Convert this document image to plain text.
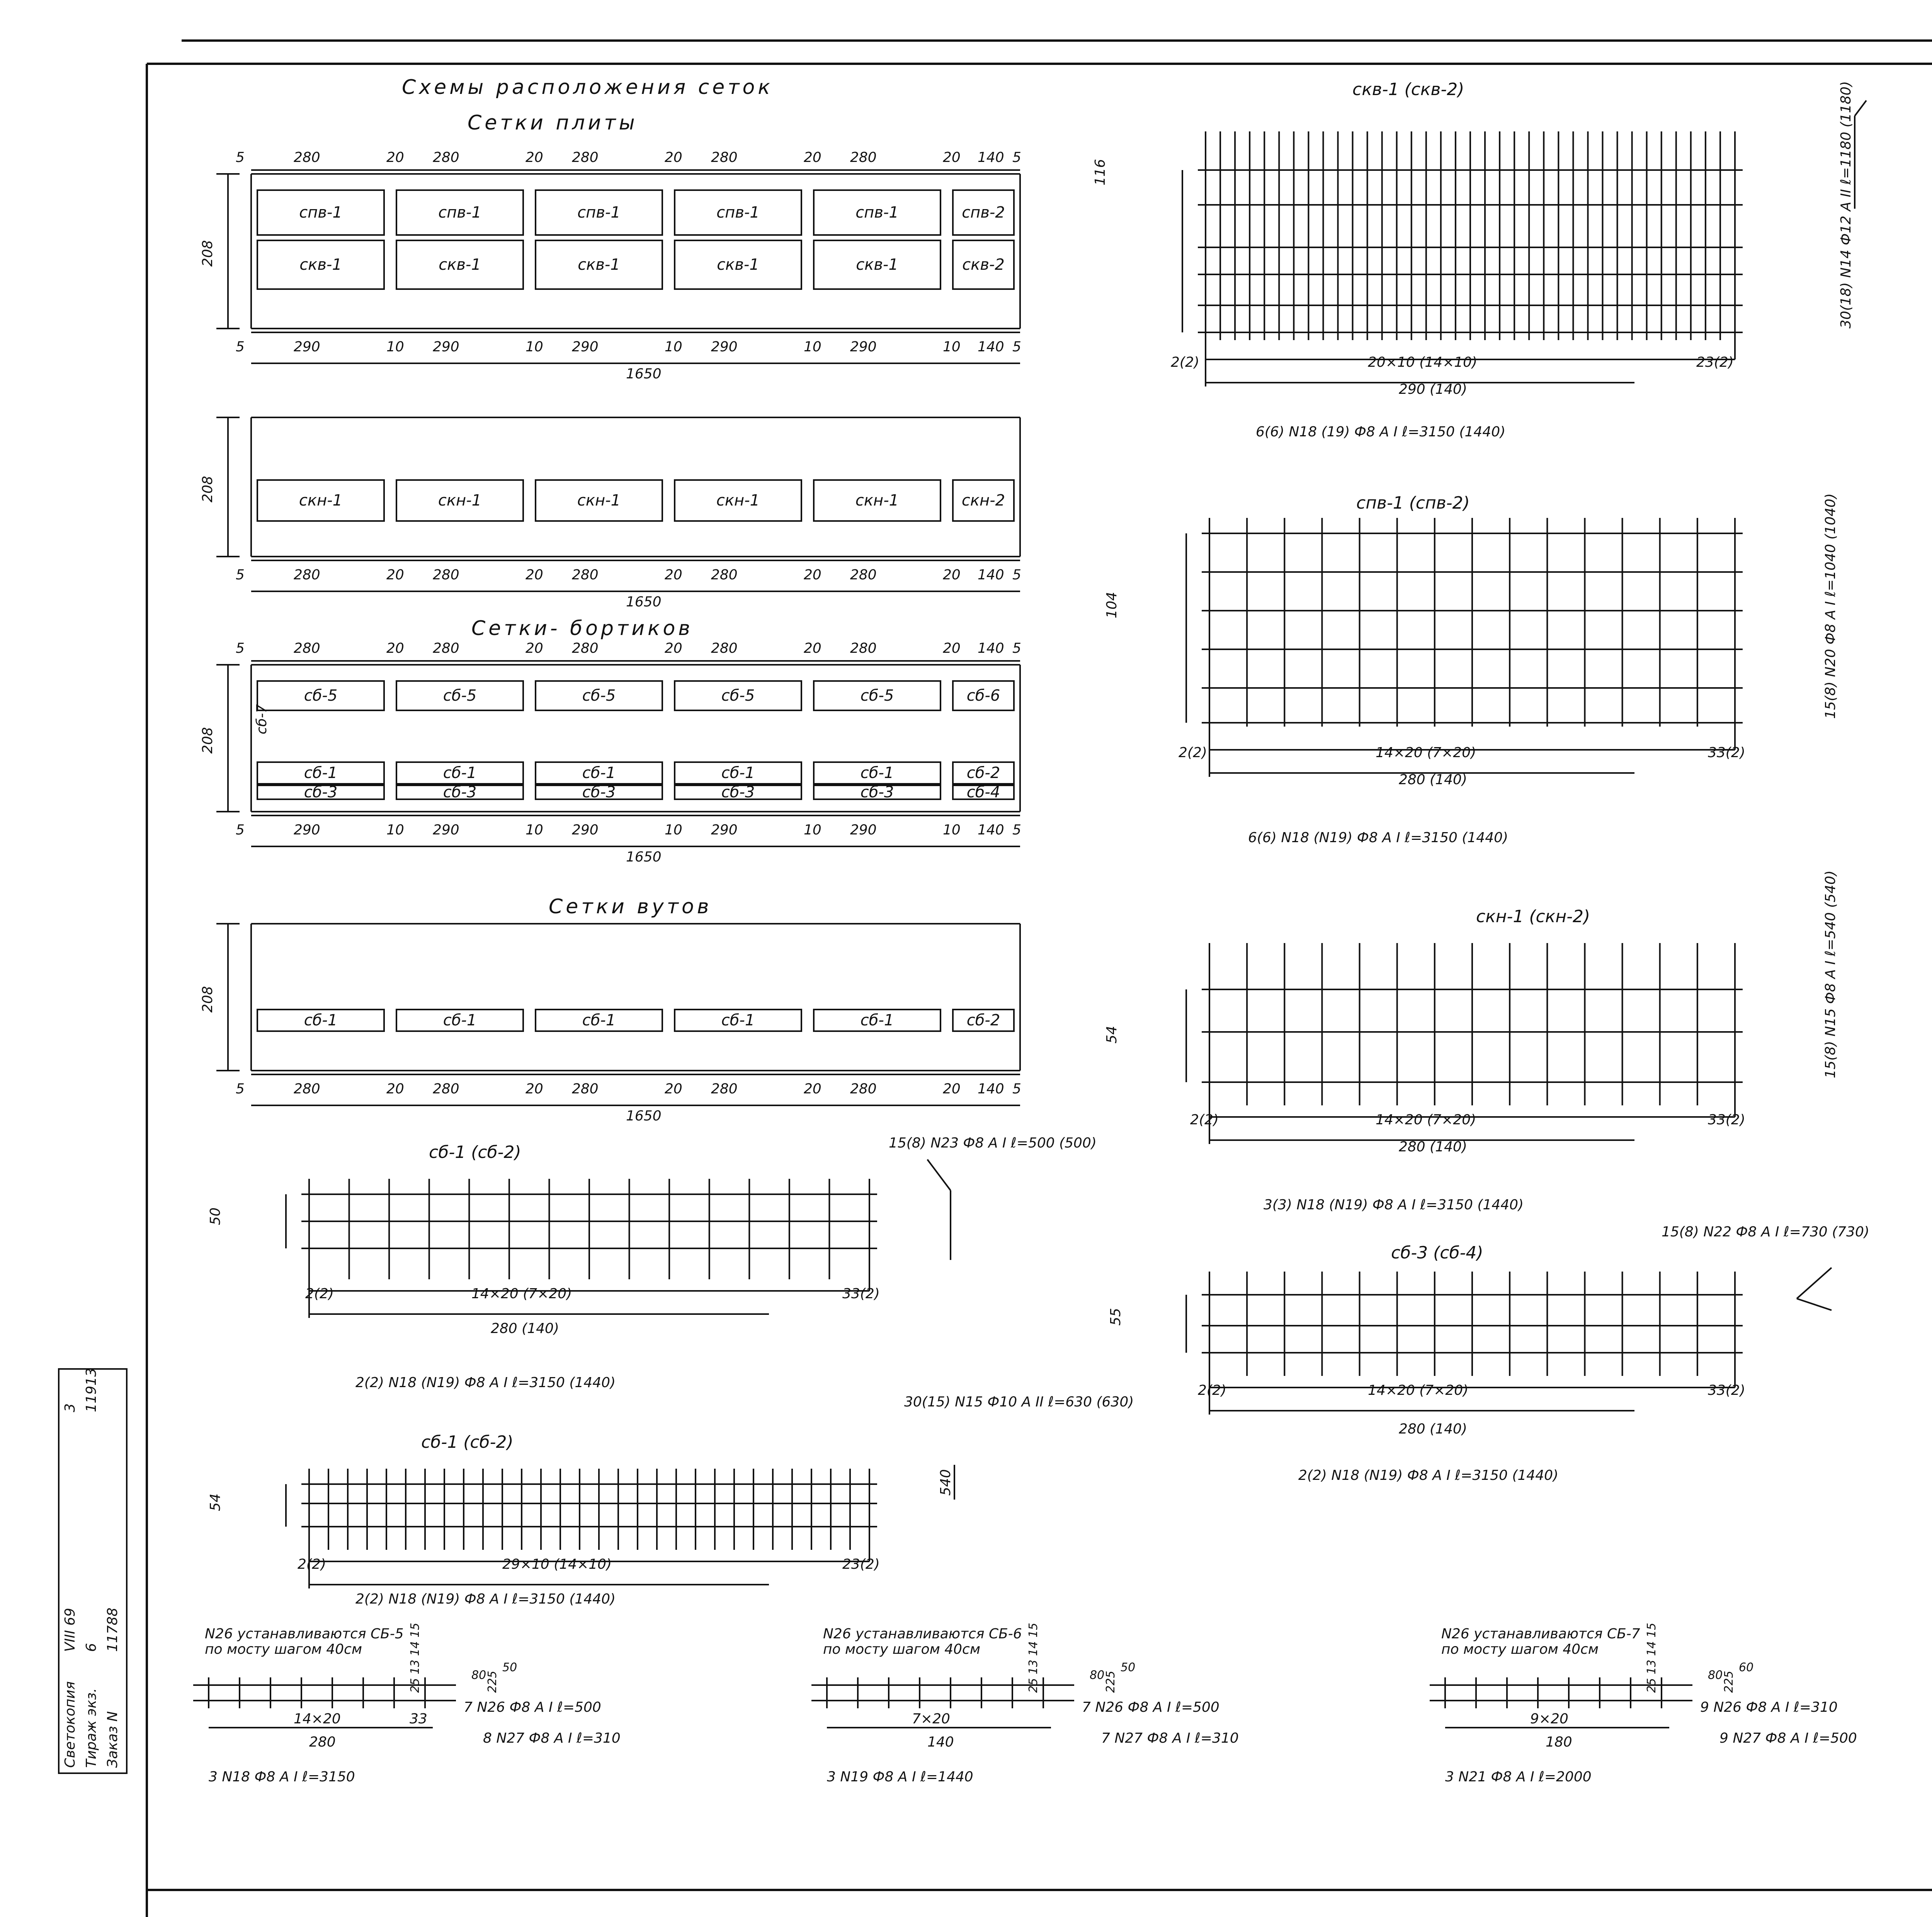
Схемы расположения сеток
Сетки плиты
Сетки- бортиков
Сетки вутов
спв-1	спв-1	спв-1	спв-1	спв-1	спв-2
скв-1	скв-1	скв-1	скв-1	скв-1	скв-2
скн-1	скн-1	скн-1	скн-1	скн-1	скн-2
сб-5	сб-5	сб-5	сб-5	сб-5	сб-6
сб-1	сб-1	сб-1	сб-1	сб-1	сб-2
сб-3	сб-3	сб-3	сб-3	сб-3	сб-4
сб-1	сб-1	сб-1	сб-1	сб-1	сб-2
скв-1 (скв-2)
20×10 (14×10)
2(2)	23(2)
290 (140)
6(6) N18 (19) Ф8 А I ℓ=3150 (1440)
116	30(18) N14 Ф12 А II ℓ=1180 (1180)
спв-1 (спв-2)
14×20 (7×20)
2(2)	33(2)
280 (140)
6(6) N18 (N19) Ф8 А I ℓ=3150 (1440)
104	15(8) N20 Ф8 А I ℓ=1040 (1040)
скн-1 (скн-2)
14×20 (7×20)
2(2)	33(2)
280 (140)
3(3) N18 (N19) Ф8 А I ℓ=3150 (1440)
54	15(8) N15 Ф8 А I ℓ=540 (540)
сб-1 (сб-2)
14×20 (7×20)
2(2)	33(2)
280 (140)
2(2) N18 (N19) Ф8 А I ℓ=3150 (1440)
50
15(8) N23 Ф8 А I ℓ=500 (500)
сб-3 (сб-4)
14×20 (7×20)
2(2)	33(2)
280 (140)
2(2) N18 (N19) Ф8 А I ℓ=3150 (1440)
55
15(8) N22 Ф8 А I ℓ=730 (730)
сб-1 (сб-2)
29×10 (14×10)
2(2)	23(2)
2(2) N18 (N19) Ф8 А I ℓ=3150 (1440)
54
30(15) N15 Ф10 А II ℓ=630 (630)
540

Светокопия
VIII 69
3
Тираж экз.
6
11913
Заказ N
11788
208
5	280	20 280	20 280	20 280	20 280	20 140 5
5	290	10 290	10 290	10 290	10 290	10 140 5
1650
208
5	280	20 280	20 280	20 280	20 280	20 140 5
1650
208
5	280	20 280	20 280	20 280	20 280	20 140 5
5	290	10 290	10 290	10 290	10 290	10 140 5
1650
сб-7
208
5	280	20 280	20 280	20 280	20 280	20 140 5
1650
N26 устанавливаются СБ-5
по мосту шагом 40см
14×20	33
280
3 N18 Ф8 А I ℓ=3150
7 N26 Ф8 А I ℓ=500
8 N27 Ф8 А I ℓ=310
25 13 14 15	80
50
225
N26 устанавливаются СБ-6
по мосту шагом 40см
7×20
140
3 N19 Ф8 А I ℓ=1440
7 N26 Ф8 А I ℓ=500
7 N27 Ф8 А I ℓ=310
25 13 14 15	80
50
225
N26 устанавливаются СБ-7
по мосту шагом 40см
9×20
180
3 N21 Ф8 А I ℓ=2000
9 N26 Ф8 А I ℓ=310
9 N27 Ф8 А I ℓ=500
25 13 14 15	80
60
225
